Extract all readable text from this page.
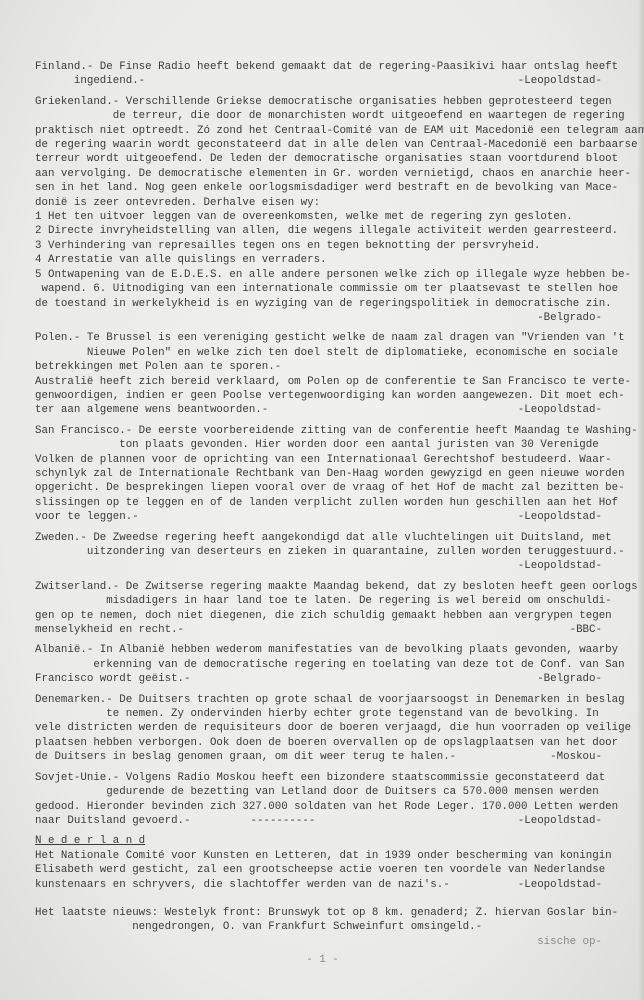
Finland.- De Finse Radio heeft bekend gemaakt dat de regering-Paasikivi haar ontslag heeft
ingediend.-	-Leopoldstad-
Griekenland.- Verschillende Griekse democratische organisaties hebben geprotesteerd tegen
de terreur, die door de monarchisten wordt uitgeoefend en waartegen de regering
praktisch niet optreedt. Zó zond het Centraal-Comité van de EAM uit Macedonië een telegram aan
de regering waarin wordt geconstateerd dat in alle delen van Centraal-Macedonië een barbaarse
terreur wordt uitgeoefend. De leden der democratische organisaties staan voortdurend bloot
aan vervolging. De democratische elementen in Gr. worden vernietigd, chaos en anarchie heer-
sen in het land. Nog geen enkele oorlogsmisdadiger werd bestraft en de bevolking van Mace-
donië is zeer ontevreden. Derhalve eisen wy:
1 Het ten uitvoer leggen van de overeenkomsten, welke met de regering zyn gesloten.
2 Directe invryheidstelling van allen, die wegens illegale activiteit werden gearresteerd.
3 Verhindering van represailles tegen ons en tegen beknotting der persvryheid.
4 Arrestatie van alle quislings en verraders.
5 Ontwapening van de E.D.E.S. en alle andere personen welke zich op illegale wyze hebben be-
wapend. 6. Uitnodiging van een internationale commissie om ter plaatsevast te stellen hoe
de toestand in werkelykheid is en wyziging van de regeringspolitiek in democratische zin.
-Belgrado-
Polen.- Te Brussel is een vereniging gesticht welke de naam zal dragen van "Vrienden van 't
Nieuwe Polen" en welke zich ten doel stelt de diplomatieke, economische en sociale
betrekkingen met Polen aan te sporen.-
Australië heeft zich bereid verklaard, om Polen op de conferentie te San Francisco te verte-
genwoordigen, indien er geen Poolse vertegenwoordiging kan worden aangewezen. Dit moet ech-
ter aan algemene wens beantwoorden.-	-Leopoldstad-
San Francisco.- De eerste voorbereidende zitting van de conferentie heeft Maandag te Washing-
ton plaats gevonden. Hier worden door een aantal juristen van 30 Verenigde
Volken de plannen voor de oprichting van een Internationaal Gerechtshof bestudeerd. Waar-
schynlyk zal de Internationale Rechtbank van Den-Haag worden gewyzigd en geen nieuwe worden
opgericht. De besprekingen liepen vooral over de vraag of het Hof de macht zal bezitten be-
slissingen op te leggen en of de landen verplicht zullen worden hun geschillen aan het Hof
voor te leggen.-	-Leopoldstad-
Zweden.- De Zweedse regering heeft aangekondigd dat alle vluchtelingen uit Duitsland, met
uitzondering van deserteurs en zieken in quarantaine, zullen worden teruggestuurd.-
-Leopoldstad-
Zwitserland.- De Zwitserse regering maakte Maandag bekend, dat zy besloten heeft geen oorlogs
misdadigers in haar land toe te laten. De regering is wel bereid om onschuldi-
gen op te nemen, doch niet diegenen, die zich schuldig gemaakt hebben aan vergrypen tegen
menselykheid en recht.-	-BBC-
Albanië.- In Albanië hebben wederom manifestaties van de bevolking plaats gevonden, waarby
erkenning van de democratische regering en toelating van deze tot de Conf. van San
Francisco wordt geëist.-	-Belgrado-
Denemarken.- De Duitsers trachten op grote schaal de voorjaarsoogst in Denemarken in beslag
te nemen. Zy ondervinden hierby echter grote tegenstand van de bevolking. In
vele districten werden de requisiteurs door de boeren verjaagd, die hun voorraden op veilige
plaatsen hebben verborgen. Ook doen de boeren overvallen op de opslagplaatsen van het door
de Duitsers in beslag genomen graan, om dit weer terug te halen.-	-Moskou-
Sovjet-Unie.- Volgens Radio Moskou heeft een bizondere staatscommissie geconstateerd dat
gedurende de bezetting van Letland door de Duitsers ca 570.000 mensen werden
gedood. Hieronder bevinden zich 327.000 soldaten van het Rode Leger. 170.000 Letten werden
naar Duitsland gevoerd.-	----------	-Leopoldstad-
N e d e r l a n d
Het Nationale Comité voor Kunsten en Letteren, dat in 1939 onder bescherming van koningin
Elisabeth werd gesticht, zal een grootscheepse actie voeren ten voordele van Nederlandse
kunstenaars en schryvers, die slachtoffer werden van de nazi's.-	-Leopoldstad-
Het laatste nieuws: Westelyk front: Brunswyk tot op 8 km. genaderd; Z. hiervan Goslar bin-
nengedrongen, O. van Frankfurt Schweinfurt omsingeld.-
sische op-
- 1 -
